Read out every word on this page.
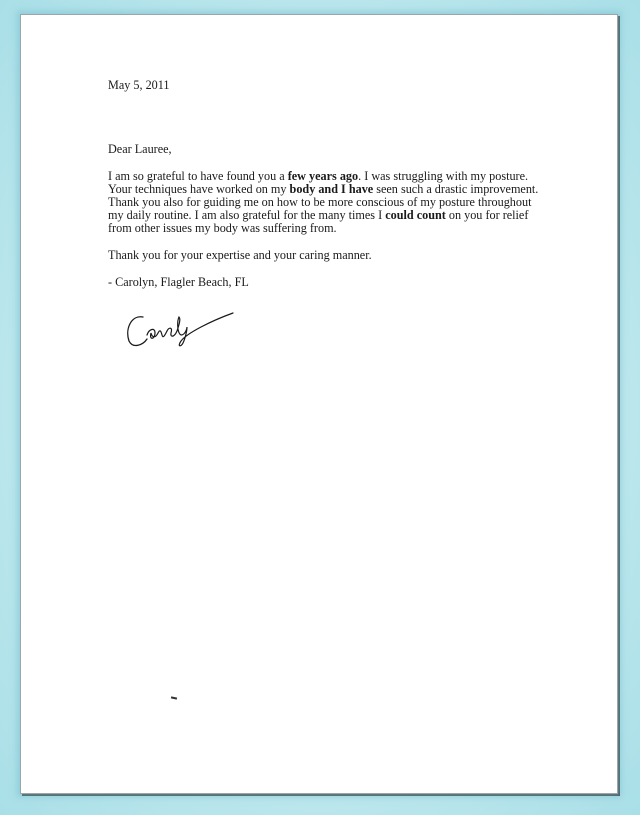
May 5, 2011

Dear Lauree,

I am so grateful to have found you a few years ago. I was struggling with my posture.
Your techniques have worked on my body and I have seen such a drastic improvement.
Thank you also for guiding me on how to be more conscious of my posture throughout
my daily routine. I am also grateful for the many times I could count on you for relief
from other issues my body was suffering from.

Thank you for your expertise and your caring manner.

- Carolyn, Flagler Beach, FL
